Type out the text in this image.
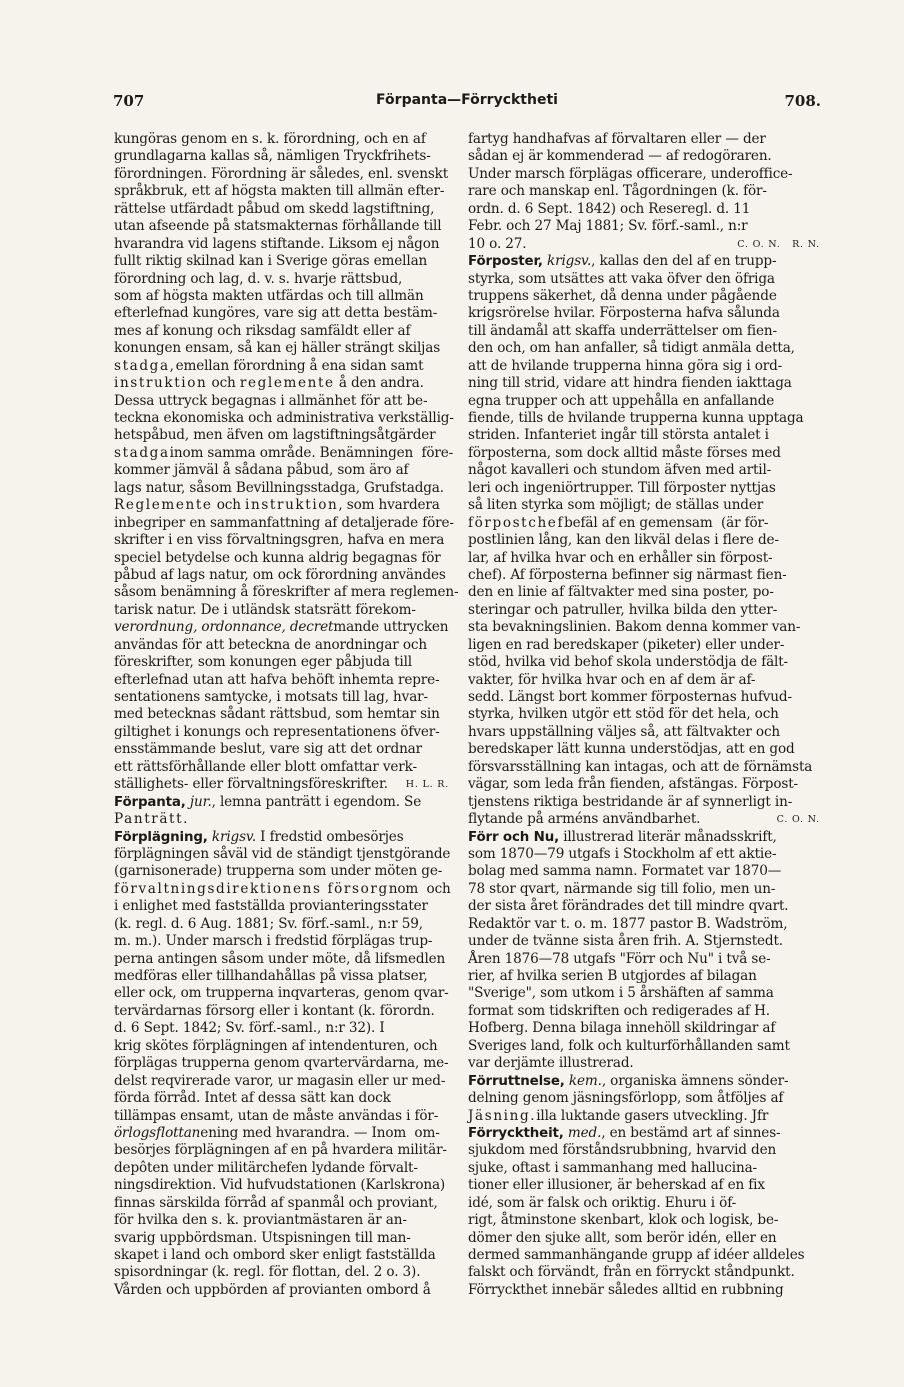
707	Förpanta—Förrycktheti	708.
kungöras genom en s. k. förordning, och en af
grundlagarna kallas så, nämligen Tryckfrihets-
förordningen. Förordning är således, enl. svenskt
språkbruk, ett af högsta makten till allmän efter-
rättelse utfärdadt påbud om skedd lagstiftning,
utan afseende på statsmakternas förhållande till
hvarandra vid lagens stiftande. Liksom ej någon
fullt riktig skilnad kan i Sverige göras emellan
förordning och lag, d. v. s. hvarje rättsbud,
som af högsta makten utfärdas och till allmän
efterlefnad kungöres, vare sig att detta bestäm-
mes af konung och riksdag samfäldt eller af
konungen ensam, så kan ej häller strängt skiljas
stadga,emellan förordning å ena sidan samt
instruktion och reglemente å den andra.
Dessa uttryck begagnas i allmänhet för att be-
teckna ekonomiska och administrativa verkställig-
hetspåbud, men äfven om lagstiftningsåtgärder
stadgainom samma område. Benämningen  före-
kommer jämväl å sådana påbud, som äro af
lags natur, såsom Bevillningsstadga, Grufstadga.
Reglemente och instruktion, som hvardera
inbegriper en sammanfattning af detaljerade före-
skrifter i en viss förvaltningsgren, hafva en mera
speciel betydelse och kunna aldrig begagnas för
påbud af lags natur, om ock förordning användes
såsom benämning å föreskrifter af mera reglemen-
tarisk natur. De i utländsk statsrätt förekom-
verordnung, ordonnance, decretmande uttrycken
användas för att beteckna de anordningar och
föreskrifter, som konungen eger påbjuda till
efterlefnad utan att hafva behöft inhemta repre-
sentationens samtycke, i motsats till lag, hvar-
med betecknas sådant rättsbud, som hemtar sin
giltighet i konungs och representationens öfver-
ensstämmande beslut, vare sig att det ordnar
ett rättsförhållande eller blott omfattar verk-
ställighets- eller förvaltningsföreskrifter. H. L. R.
Förpanta, jur., lemna panträtt i egendom. Se
Panträtt.
Förplägning, krigsv. I fredstid ombesörjes
förplägningen såväl vid de ständigt tjenstgörande
(garnisonerade) trupperna som under möten ge-
förvaltningsdirektionens försorgnom  och
i enlighet med fastställda provianteringsstater
(k. regl. d. 6 Aug. 1881; Sv. förf.-saml., n:r 59,
m. m.). Under marsch i fredstid förplägas trup-
perna antingen såsom under möte, då lifsmedlen
medföras eller tillhandahållas på vissa platser,
eller ock, om trupperna inqvarteras, genom qvar-
tervärdarnas försorg eller i kontant (k. förordn.
d. 6 Sept. 1842; Sv. förf.-saml., n:r 32). I
krig skötes förplägningen af intendenturen, och
förplägas trupperna genom qvartervärdarna, me-
delst reqvirerade varor, ur magasin eller ur med-
förda förråd. Intet af dessa sätt kan dock
tillämpas ensamt, utan de måste användas i för-
örlogsflottanening med hvarandra. — Inom  om-
besörjes förplägningen af en på hvardera militär-
depôten under militärchefen lydande förvalt-
ningsdirektion. Vid hufvudstationen (Karlskrona)
finnas särskilda förråd af spanmål och proviant,
för hvilka den s. k. proviantmästaren är an-
svarig uppbördsman. Utspisningen till man-
skapet i land och ombord sker enligt fastställda
spisordningar (k. regl. för flottan, del. 2 o. 3).
Vården och uppbörden af provianten ombord å
fartyg handhafvas af förvaltaren eller — der
sådan ej är kommenderad — af redogöraren.
Under marsch förplägas officerare, underoffice-
rare och manskap enl. Tågordningen (k. för-
ordn. d. 6 Sept. 1842) och Reseregl. d. 11
Febr. och 27 Maj 1881; Sv. förf.-saml., n:r
10 o. 27.	C. O. N.   R. N.
Förposter, krigsv., kallas den del af en trupp-
styrka, som utsättes att vaka öfver den öfriga
truppens säkerhet, då denna under pågående
krigsrörelse hvilar. Förposterna hafva sålunda
till ändamål att skaffa underrättelser om fien-
den och, om han anfaller, så tidigt anmäla detta,
att de hvilande trupperna hinna göra sig i ord-
ning till strid, vidare att hindra fienden iakttaga
egna trupper och att uppehålla en anfallande
fiende, tills de hvilande trupperna kunna upptaga
striden. Infanteriet ingår till största antalet i
förposterna, som dock alltid måste förses med
något kavalleri och stundom äfven med artil-
leri och ingeniörtrupper. Till förposter nyttjas
så liten styrka som möjligt; de ställas under
förpostchefbefäl af en gemensam  (är för-
postlinien lång, kan den likväl delas i flere de-
lar, af hvilka hvar och en erhåller sin förpost-
chef). Af förposterna befinner sig närmast fien-
den en linie af fältvakter med sina poster, po-
steringar och patruller, hvilka bilda den ytter-
sta bevakningslinien. Bakom denna kommer van-
ligen en rad beredskaper (piketer) eller under-
stöd, hvilka vid behof skola understödja de fält-
vakter, för hvilka hvar och en af dem är af-
sedd. Längst bort kommer förposternas hufvud-
styrka, hvilken utgör ett stöd för det hela, och
hvars uppställning väljes så, att fältvakter och
beredskaper lätt kunna understödjas, att en god
försvarsställning kan intagas, och att de förnämsta
vägar, som leda från fienden, afstängas. Förpost-
tjenstens riktiga bestridande är af synnerligt in-
flytande på arméns användbarhet.	C. O. N.
Förr och Nu, illustrerad literär månadsskrift,
som 1870—79 utgafs i Stockholm af ett aktie-
bolag med samma namn. Formatet var 1870—
78 stor qvart, närmande sig till folio, men un-
der sista året förändrades det till mindre qvart.
Redaktör var t. o. m. 1877 pastor B. Wadström,
under de tvänne sista åren frih. A. Stjernstedt.
Åren 1876—78 utgafs "Förr och Nu" i två se-
rier, af hvilka serien B utgjordes af bilagan
"Sverige", som utkom i 5 årshäften af samma
format som tidskriften och redigerades af H.
Hofberg. Denna bilaga innehöll skildringar af
Sveriges land, folk och kulturförhållanden samt
var derjämte illustrerad.
Förruttnelse, kem., organiska ämnens sönder-
delning genom jäsningsförlopp, som åtföljes af
Jäsning.illa luktande gasers utveckling. Jfr
Förrycktheit, med., en bestämd art af sinnes-
sjukdom med förståndsrubbning, hvarvid den
sjuke, oftast i sammanhang med hallucina-
tioner eller illusioner, är beherskad af en fix
idé, som är falsk och oriktig. Ehuru i öf-
rigt, åtminstone skenbart, klok och logisk, be-
dömer den sjuke allt, som berör idén, eller en
dermed sammanhängande grupp af idéer alldeles
falskt och förvändt, från en förryckt ståndpunkt.
Förryckthet innebär således alltid en rubbning
